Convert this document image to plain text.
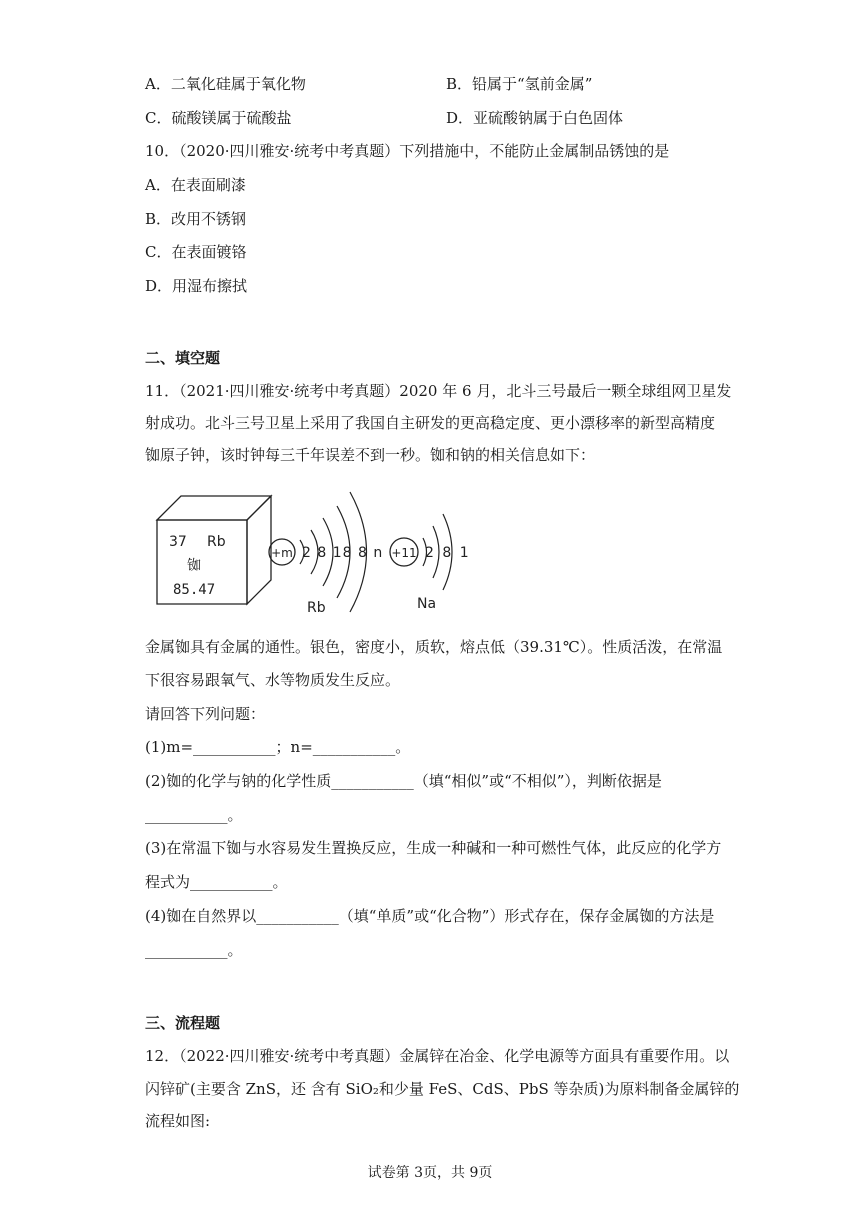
A．二氧化硅属于氧化物	B．铅属于“氢前金属”
C．硫酸镁属于硫酸盐	D．亚硫酸钠属于白色固体
10．（2020·四川雅安·统考中考真题）下列措施中，不能防止金属制品锈蚀的是
A．在表面刷漆
B．改用不锈钢
C．在表面镀铬
D．用湿布擦拭
二、填空题
11．（2021·四川雅安·统考中考真题）2020 年 6 月，北斗三号最后一颗全球组网卫星发
射成功。北斗三号卫星上采用了我国自主研发的更高稳定度、更小漂移率的新型高精度
铷原子钟，该时钟每三千年误差不到一秒。铷和钠的相关信息如下：
37 Rb
铷
85.47
+m 2 8 18 8 n
Rb
+11 2 8 1
Na
金属铷具有金属的通性。银色，密度小，质软，熔点低（39.31℃）。性质活泼，在常温
下很容易跟氧气、水等物质发生反应。
请回答下列问题：
(1)m=___________；n=___________。
(2)铷的化学与钠的化学性质___________（填“相似”或“不相似”），判断依据是
___________。
(3)在常温下铷与水容易发生置换反应，生成一种碱和一种可燃性气体，此反应的化学方
程式为___________。
(4)铷在自然界以___________（填“单质”或“化合物”）形式存在，保存金属铷的方法是
___________。
三、流程题
12．（2022·四川雅安·统考中考真题）金属锌在冶金、化学电源等方面具有重要作用。以
闪锌矿(主要含 ZnS，还 含有 SiO₂和少量 FeS、CdS、PbS 等杂质)为原料制备金属锌的
流程如图:
试卷第 3页，共 9页
